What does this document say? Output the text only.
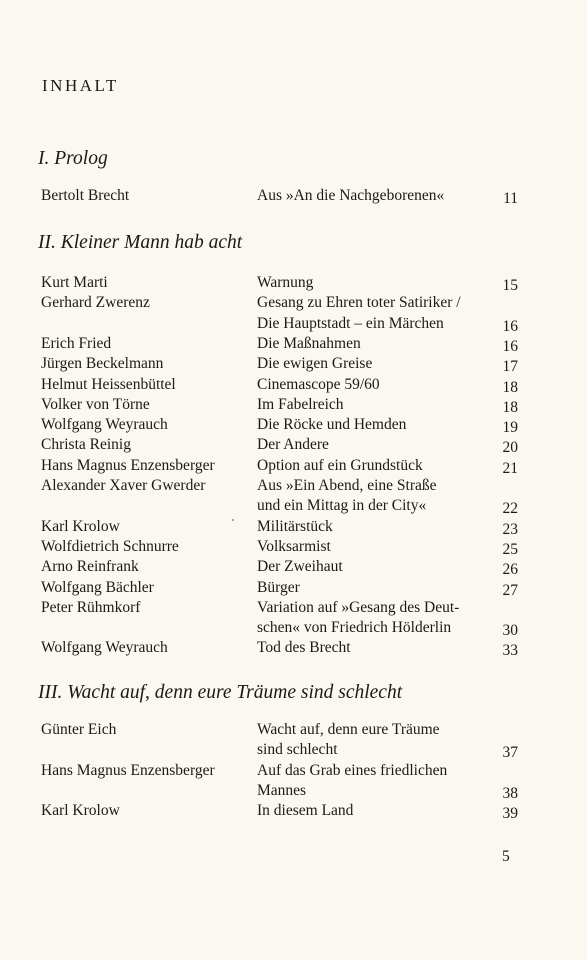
INHALT
I. Prolog
Bertolt Brecht	Aus »An die Nachgeborenen«	11
II. Kleiner Mann hab acht
Kurt Marti	Warnung	15
Gerhard Zwerenz	Gesang zu Ehren toter Satiriker /
Die Hauptstadt – ein Märchen	16
Erich Fried	Die Maßnahmen	16
Jürgen Beckelmann	Die ewigen Greise	17
Helmut Heissenbüttel	Cinemascope 59/60	18
Volker von Törne	Im Fabelreich	18
Wolfgang Weyrauch	Die Röcke und Hemden	19
Christa Reinig	Der Andere	20
Hans Magnus Enzensberger	Option auf ein Grundstück	21
Alexander Xaver Gwerder	Aus »Ein Abend, eine Straße
und ein Mittag in der City«	22
Karl Krolow	Militärstück	23
Wolfdietrich Schnurre	Volksarmist	25
Arno Reinfrank	Der Zweihaut	26
Wolfgang Bächler	Bürger	27
Peter Rühmkorf	Variation auf »Gesang des Deut-
schen« von Friedrich Hölderlin	30
Wolfgang Weyrauch	Tod des Brecht	33
III. Wacht auf, denn eure Träume sind schlecht
Günter Eich	Wacht auf, denn eure Träume
sind schlecht	37
Hans Magnus Enzensberger	Auf das Grab eines friedlichen
Mannes	38
Karl Krolow	In diesem Land	39
5
